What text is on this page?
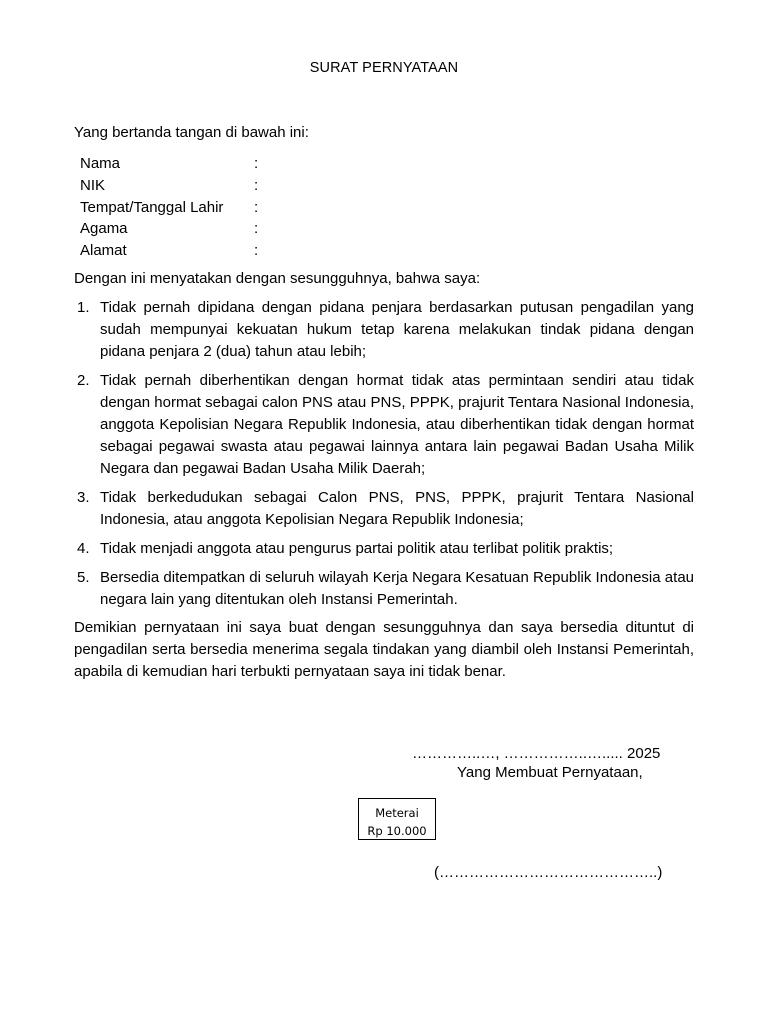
SURAT PERNYATAAN
Yang bertanda tangan di bawah ini:
Nama	:
NIK	:
Tempat/Tanggal Lahir :
Agama	:
Alamat	:
Dengan ini menyatakan dengan sesungguhnya, bahwa saya:
1. Tidak pernah dipidana dengan pidana penjara berdasarkan putusan pengadilan yang sudah mempunyai kekuatan hukum tetap karena melakukan tindak pidana dengan pidana penjara 2 (dua) tahun atau lebih;
2. Tidak pernah diberhentikan dengan hormat tidak atas permintaan sendiri atau tidak dengan hormat sebagai calon PNS atau PNS, PPPK, prajurit Tentara Nasional Indonesia, anggota Kepolisian Negara Republik Indonesia, atau diberhentikan tidak dengan hormat sebagai pegawai swasta atau pegawai lainnya antara lain pegawai Badan Usaha Milik Negara dan pegawai Badan Usaha Milik Daerah;
3. Tidak berkedudukan sebagai Calon PNS, PNS, PPPK, prajurit Tentara Nasional Indonesia, atau anggota Kepolisian Negara Republik Indonesia;
4. Tidak menjadi anggota atau pengurus partai politik atau terlibat politik praktis;
5. Bersedia ditempatkan di seluruh wilayah Kerja Negara Kesatuan Republik Indonesia atau negara lain yang ditentukan oleh Instansi Pemerintah.
Demikian pernyataan ini saya buat dengan sesungguhnya dan saya bersedia dituntut di pengadilan serta bersedia menerima segala tindakan yang diambil oleh Instansi Pemerintah, apabila di kemudian hari terbukti pernyataan saya ini tidak benar.
…………..…, ……………..…..... 2025
Yang Membuat Pernyataan,
Meterai
Rp 10.000
(……………………………………..)
